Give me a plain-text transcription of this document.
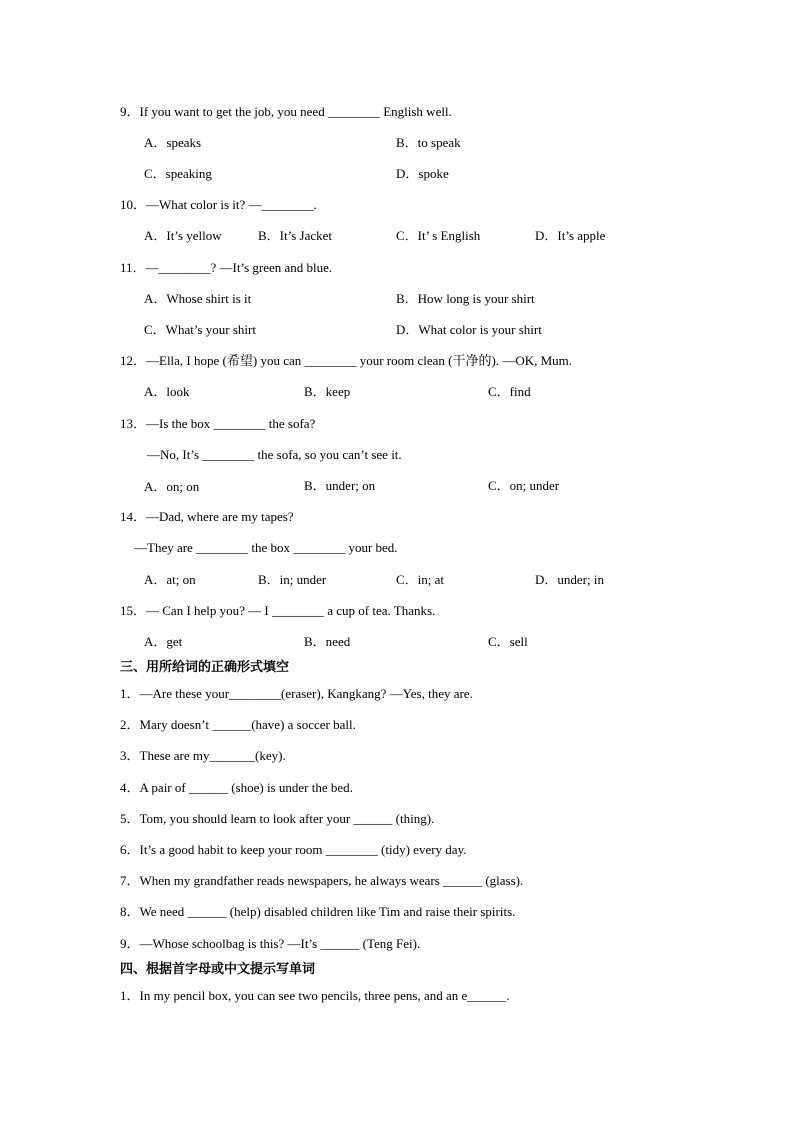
9．If you want to get the job, you need ________ English well.
A．speaks	B．to speak
C．speaking	D．spoke
10．—What color is it? —________.
A．It’s yellow	B．It’s Jacket	C．It’ s English	D．It’s apple
11．—________? —It’s green and blue.
A．Whose shirt is it	B．How long is your shirt
C．What’s your shirt	D．What color is your shirt
12．—Ella, I hope (希望) you can ________ your room clean (干净的). —OK, Mum.
A．look	B．keep	C．find
13．—Is the box ________ the sofa?
—No, It’s ________ the sofa, so you can’t see it.
A．on; on	B．under; on	C．on; under
14．—Dad, where are my tapes?
—They are ________ the box ________ your bed.
A．at; on	B．in; under	C．in; at	D．under; in
15．— Can I help you? — I ________ a cup of tea. Thanks.
A．get	B．need	C．sell
三、用所给词的正确形式填空
1．—Are these your________(eraser), Kangkang? —Yes, they are.
2．Mary doesn’t ______(have) a soccer ball.
3．These are my_______(key).
4．A pair of ______ (shoe) is under the bed.
5．Tom, you should learn to look after your ______ (thing).
6．It’s a good habit to keep your room ________ (tidy) every day.
7．When my grandfather reads newspapers, he always wears ______ (glass).
8．We need ______ (help) disabled children like Tim and raise their spirits.
9．—Whose schoolbag is this? —It’s ______ (Teng Fei).
四、根据首字母或中文提示写单词
1．In my pencil box, you can see two pencils, three pens, and an e______.
